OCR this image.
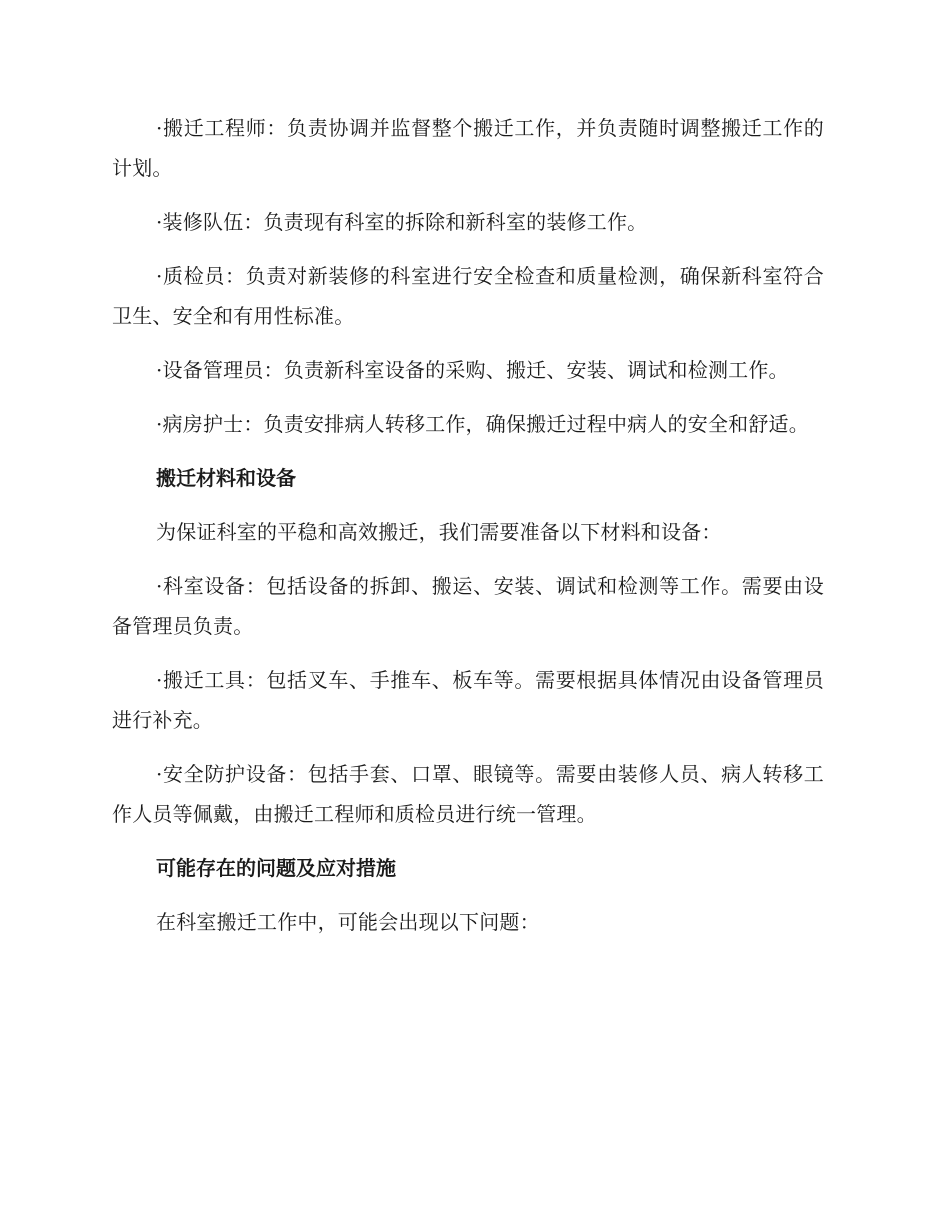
·搬迁工程师：负责协调并监督整个搬迁工作，并负责随时调整搬迁工作的计划。

·装修队伍：负责现有科室的拆除和新科室的装修工作。

·质检员：负责对新装修的科室进行安全检查和质量检测，确保新科室符合卫生、安全和有用性标准。

·设备管理员：负责新科室设备的采购、搬迁、安装、调试和检测工作。

·病房护士：负责安排病人转移工作，确保搬迁过程中病人的安全和舒适。

搬迁材料和设备

为保证科室的平稳和高效搬迁，我们需要准备以下材料和设备：

·科室设备：包括设备的拆卸、搬运、安装、调试和检测等工作。需要由设备管理员负责。

·搬迁工具：包括叉车、手推车、板车等。需要根据具体情况由设备管理员进行补充。

·安全防护设备：包括手套、口罩、眼镜等。需要由装修人员、病人转移工作人员等佩戴，由搬迁工程师和质检员进行统一管理。

可能存在的问题及应对措施

在科室搬迁工作中，可能会出现以下问题：
